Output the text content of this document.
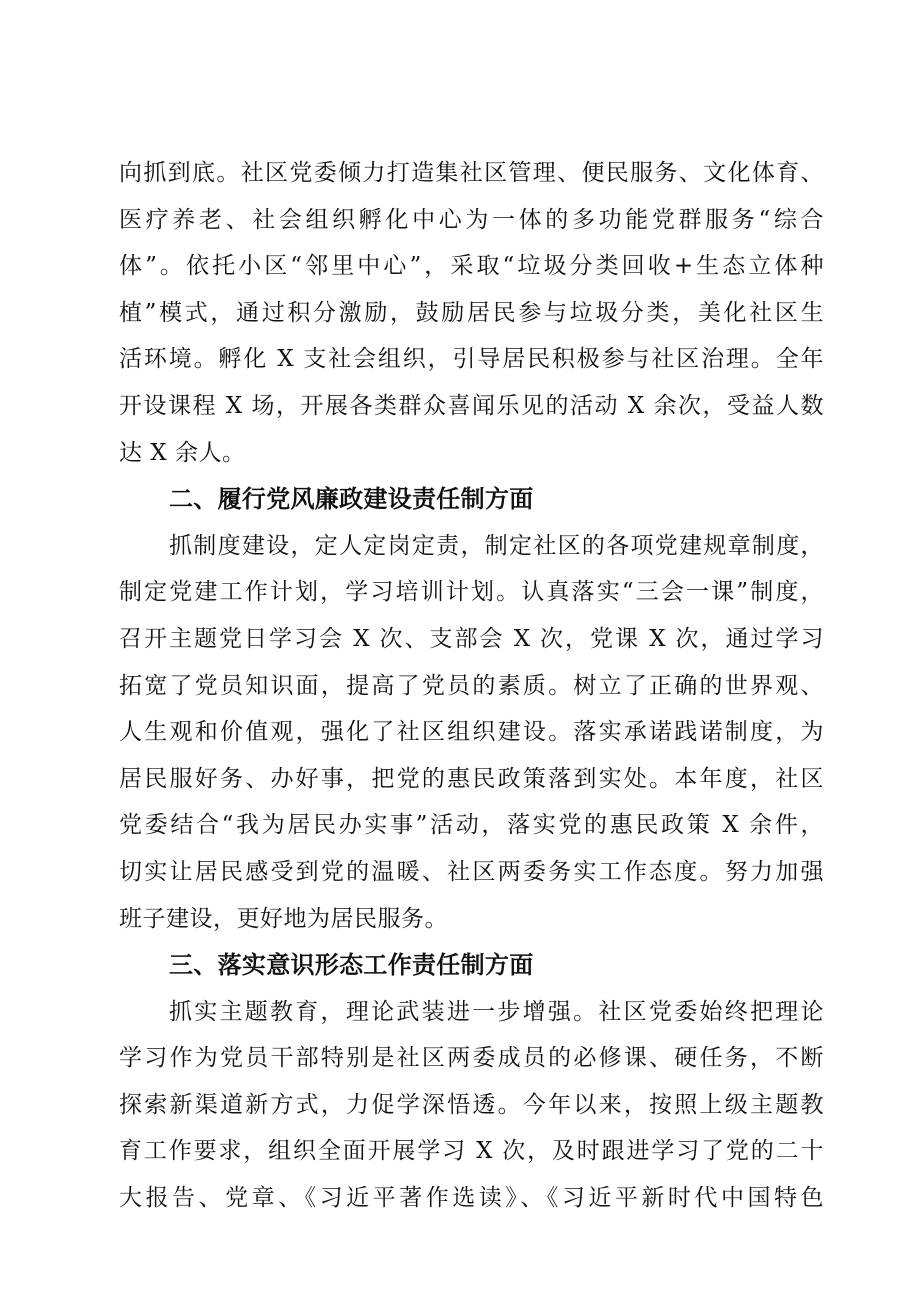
向抓到底。社区党委倾力打造集社区管理、便民服务、文化体育、
医疗养老、社会组织孵化中心为一体的多功能党群服务“综合
体”。依托小区“邻里中心”，采取“垃圾分类回收+生态立体种
植”模式，通过积分激励，鼓励居民参与垃圾分类，美化社区生
活环境。孵化 X 支社会组织，引导居民积极参与社区治理。全年
开设课程 X 场，开展各类群众喜闻乐见的活动 X 余次，受益人数
达 X 余人。
二、履行党风廉政建设责任制方面
抓制度建设，定人定岗定责，制定社区的各项党建规章制度，
制定党建工作计划，学习培训计划。认真落实“三会一课”制度，
召开主题党日学习会 X 次、支部会 X 次，党课 X 次，通过学习
拓宽了党员知识面，提高了党员的素质。树立了正确的世界观、
人生观和价值观，强化了社区组织建设。落实承诺践诺制度，为
居民服好务、办好事，把党的惠民政策落到实处。本年度，社区
党委结合“我为居民办实事”活动，落实党的惠民政策 X 余件，
切实让居民感受到党的温暖、社区两委务实工作态度。努力加强
班子建设，更好地为居民服务。
三、落实意识形态工作责任制方面
抓实主题教育，理论武装进一步增强。社区党委始终把理论
学习作为党员干部特别是社区两委成员的必修课、硬任务，不断
探索新渠道新方式，力促学深悟透。今年以来，按照上级主题教
育工作要求，组织全面开展学习 X 次，及时跟进学习了党的二十
大报告、党章、《习近平著作选读》、《习近平新时代中国特色
